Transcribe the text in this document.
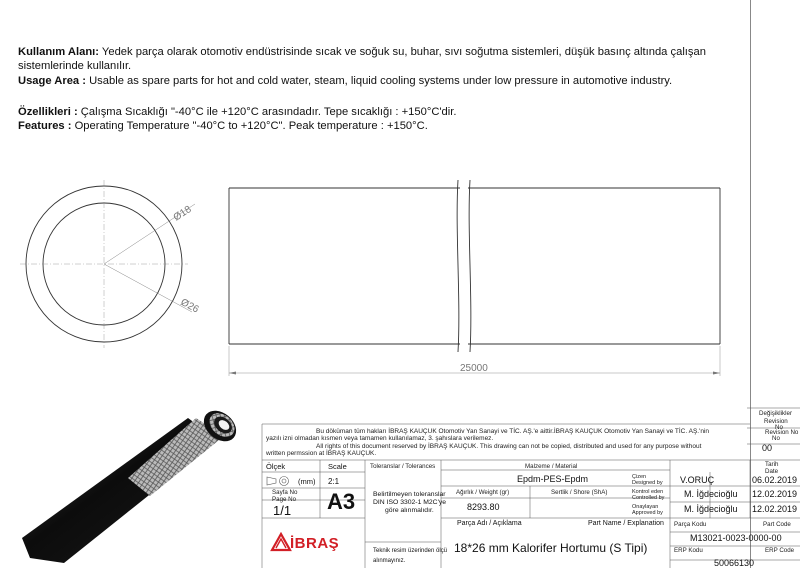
Kullanım Alanı: Yedek parça olarak otomotiv endüstrisinde sıcak ve soğuk su, buhar, sıvı soğutma sistemleri, düşük basınç altında çalışan
sistemlerinde kullanılır.
Usage Area : Usable as spare parts for hot and cold water, steam, liquid cooling systems under low pressure in automotive industry.
Özellikleri : Çalışma Sıcaklığı "-40°C ile +120°C arasındadır. Tepe sıcaklığı : +150°C'dir.
Features : Operating Temperature "-40°C to +120°C". Peak temperature : +150°C.
Ø18
Ø26
25000
Değişiklikler
Revision
No
Revision No
No
00
Tarih
Date
Bu döküman tüm hakları İBRAŞ KAUÇUK Otomotiv Yan Sanayi ve TİC. AŞ.'e aittir.İBRAŞ KAUÇUK Otomotiv Yan Sanayi ve TİC. AŞ.'nin
yazılı izni olmadan kısmen veya tamamen kullanılamaz, 3. şahıslara verilemez.
All rights of this document reserved by İBRAŞ KAUÇUK. This drawing can not be copied, distributed and used for any purpose without
written permssion at İBRAŞ KAUÇUK.
Ölçek	Scale
(mm) 2:1
Sayfa No
Page No
1/1 A3
Toleranslar / Tolerances
Belirtilmeyen toleranslar
DIN ISO 3302-1 M2C'ye
göre alınmalıdır.
Malzeme / Material
Epdm-PES-Epdm
Ağırlık / Weight (gr)	Sertlik / Shore (ShA)
8293.80
Çizen
Designed by V.ORUÇ	06.02.2019
Kontrol eden
Controlled by M. İğdecioğlu 12.02.2019
Onaylayan
Approved by M. İğdecioğlu 12.02.2019
Parça Adı / Açıklama	Part Name / Explanation
18*26 mm Kalorifer Hortumu (S Tipi)
Parça Kodu	Part Code
M13021-0023-0000-00
ERP Kodu	ERP Code
50066130
Teknik resim üzerinden ölçü
alınmayınız.
İBRAŞ
